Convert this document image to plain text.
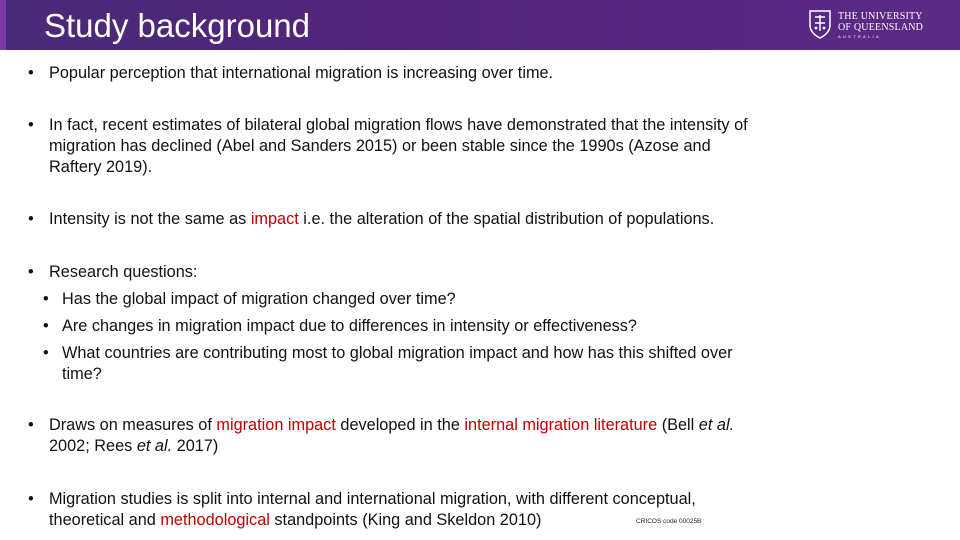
Study background	THE UNIVERSITY
OF QUEENSLAND
AUSTRALIA
• Popular perception that international migration is increasing over time.
• In fact, recent estimates of bilateral global migration flows have demonstrated that the intensity of
migration has declined (Abel and Sanders 2015) or been stable since the 1990s (Azose and
Raftery 2019).
• Intensity is not the same as impact i.e. the alteration of the spatial distribution of populations.
• Research questions:
• Has the global impact of migration changed over time?
• Are changes in migration impact due to differences in intensity or effectiveness?
• What countries are contributing most to global migration impact and how has this shifted over
time?
• Draws on measures of migration impact developed in the internal migration literature (Bell et al.
2002; Rees et al. 2017)
• Migration studies is split into internal and international migration, with different conceptual,
theoretical and methodological standpoints (King and Skeldon 2010)	CRICOS code 00025B
